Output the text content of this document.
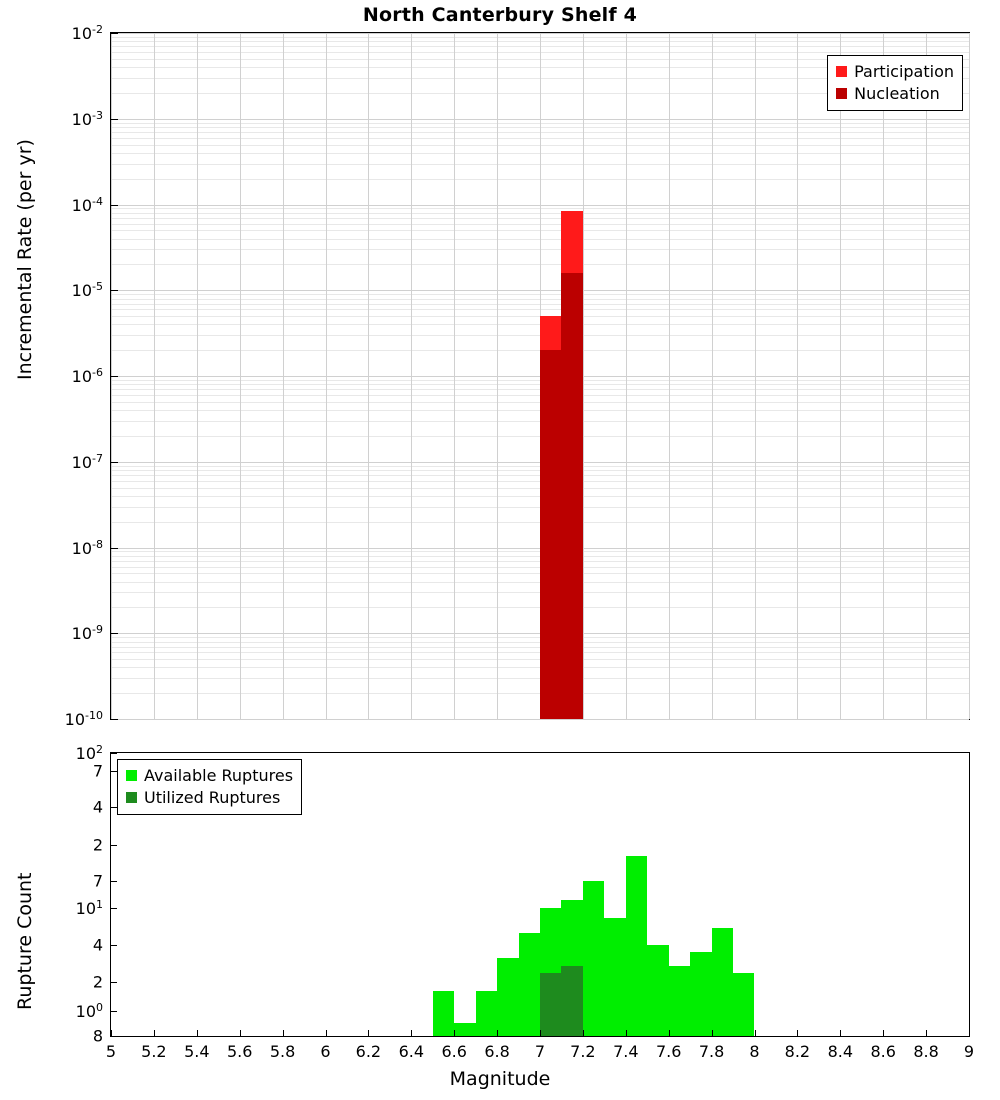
North Canterbury Shelf 4
$10^{-10}$
$10^{-9}$
$10^{-8}$
$10^{-7}$
$10^{-6}$
$10^{-5}$
$10^{-4}$
$10^{-3}$
$10^{-2}$
Participation
Nucleation
Incremental Rate (per yr)
8
$10^0$
2
4
$10^1$
7
2
4
7
$10^2$
5 5.2 5.4 5.6 5.8 6 6.2 6.4 6.6 6.8 7 7.2 7.4 7.6 7.8 8 8.2 8.4 8.6 8.8 9
Available Ruptures
Utilized Ruptures
Rupture Count
Magnitude
